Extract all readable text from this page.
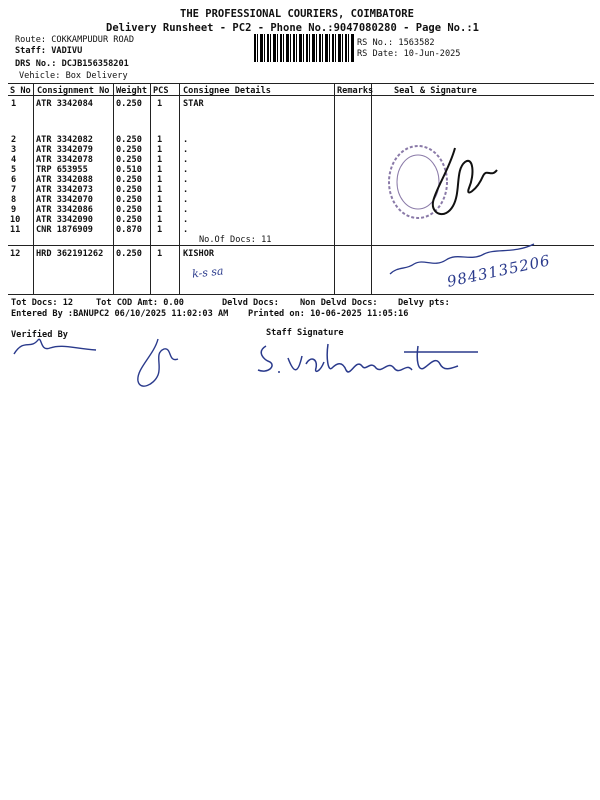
THE PROFESSIONAL COURIERS, COIMBATORE
Delivery Runsheet - PC2 - Phone No.:9047080280 - Page No.:1
Route: COKKAMPUDUR ROAD
Staff: VADIVU
RS No.: 1563582
RS Date: 10-Jun-2025
DRS No.: DCJB156358201
Vehicle: Box Delivery
S No Consignment No Weight PCS Consignee Details	Remarks Seal & Signature
1 ATR 3342084	0.250 1 STAR
2 ATR 3342082	0.250 1 .
3 ATR 3342079	0.250 1 .
4 ATR 3342078	0.250 1 .
5 TRP 653955	0.510 1 .
6 ATR 3342088	0.250 1 .
7 ATR 3342073	0.250 1 .
8 ATR 3342070	0.250 1 .
9 ATR 3342086	0.250 1 .
10 ATR 3342090	0.250 1 .
11 CNR 1876909	0.870 1 .
No.Of Docs: 11
12 HRD 362191262 0.250 1 KISHOR
k-s sa	9843135206
Tot Docs: 12	Tot COD Amt: 0.00	Delvd Docs: Non Delvd Docs: Delvy pts:
Entered By :BANUPC2 06/10/2025 11:02:03 AM Printed on: 10-06-2025 11:05:16
Verified By	Staff Signature
